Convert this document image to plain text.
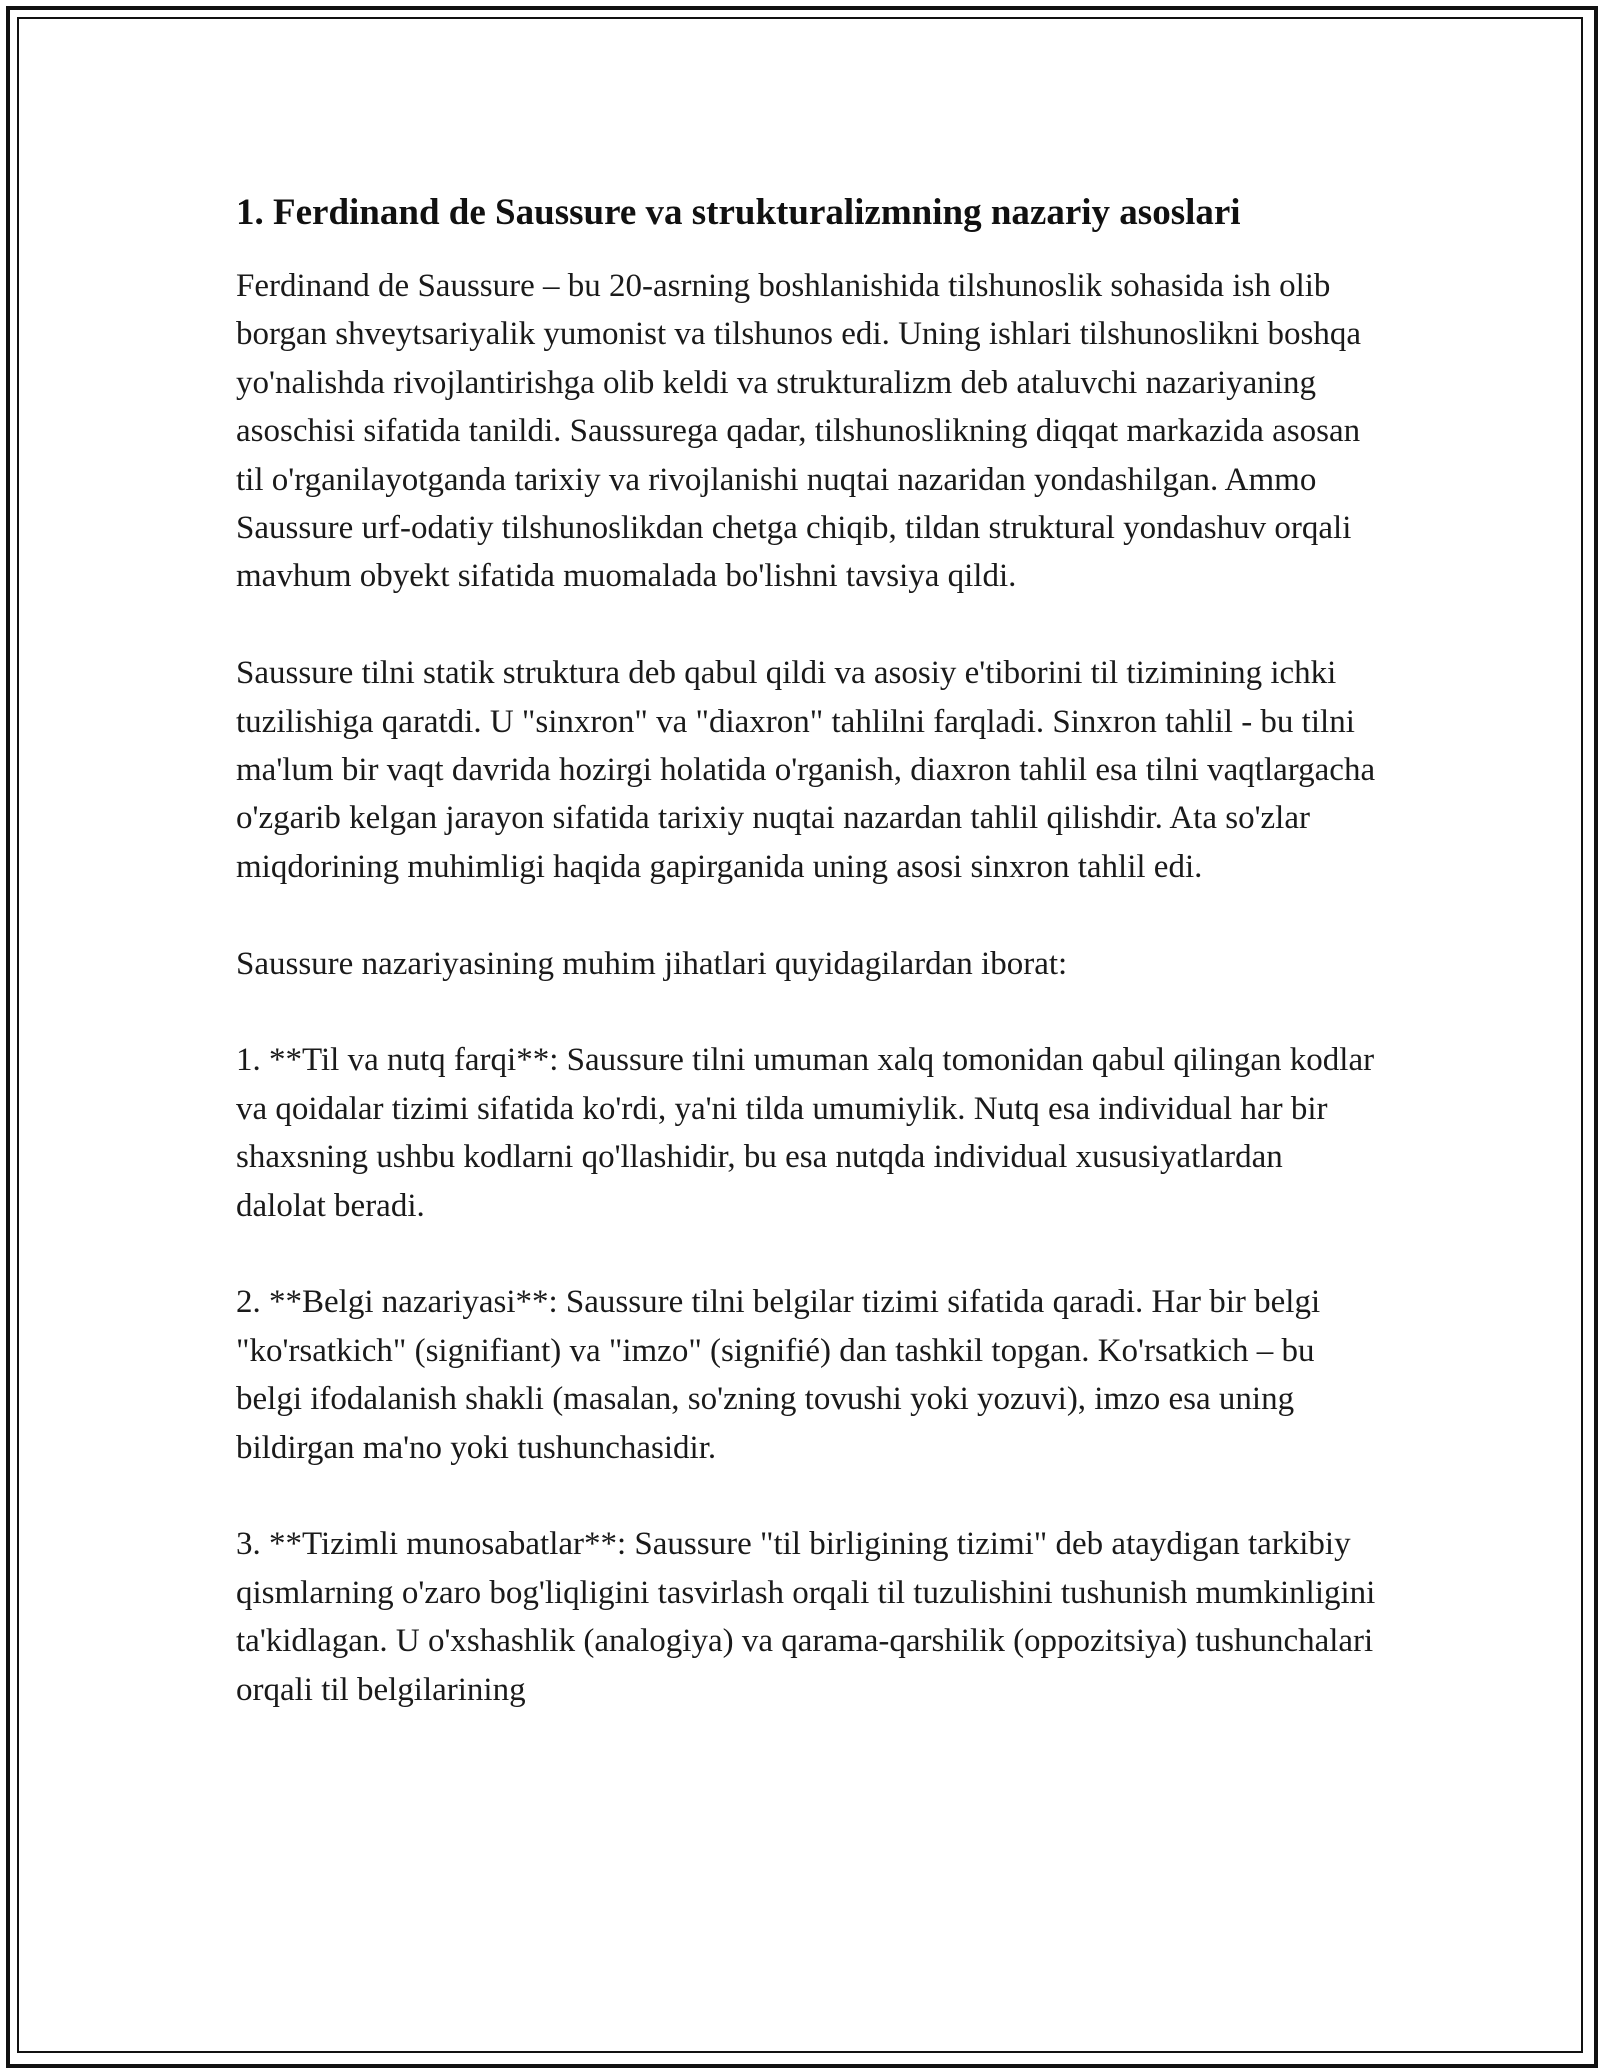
1. Ferdinand de Saussure va strukturalizmning nazariy asoslari

Ferdinand de Saussure – bu 20-asrning boshlanishida tilshunoslik sohasida ish olib borgan shveytsariyalik yumonist va tilshunos edi. Uning ishlari tilshunoslikni boshqa yo'nalishda rivojlantirishga olib keldi va strukturalizm deb ataluvchi nazariyaning asoschisi sifatida tanildi. Saussurega qadar, tilshunoslikning diqqat markazida asosan til o'rganilayotganda tarixiy va rivojlanishi nuqtai nazaridan yondashilgan. Ammo Saussure urf-odatiy tilshunoslikdan chetga chiqib, tildan struktural yondashuv orqali mavhum obyekt sifatida muomalada bo'lishni tavsiya qildi.

Saussure tilni statik struktura deb qabul qildi va asosiy e'tiborini til tizimining ichki tuzilishiga qaratdi. U "sinxron" va "diaxron" tahlilni farqladi. Sinxron tahlil - bu tilni ma'lum bir vaqt davrida hozirgi holatida o'rganish, diaxron tahlil esa tilni vaqtlargacha o'zgarib kelgan jarayon sifatida tarixiy nuqtai nazardan tahlil qilishdir. Ata so'zlar miqdorining muhimligi haqida gapirganida uning asosi sinxron tahlil edi.

Saussure nazariyasining muhim jihatlari quyidagilardan iborat:

1. **Til va nutq farqi**: Saussure tilni umuman xalq tomonidan qabul qilingan kodlar va qoidalar tizimi sifatida ko'rdi, ya'ni tilda umumiylik. Nutq esa individual har bir shaxsning ushbu kodlarni qo'llashidir, bu esa nutqda individual xususiyatlardan dalolat beradi.

2. **Belgi nazariyasi**: Saussure tilni belgilar tizimi sifatida qaradi. Har bir belgi "ko'rsatkich" (signifiant) va "imzo" (signifié) dan tashkil topgan. Ko'rsatkich – bu belgi ifodalanish shakli (masalan, so'zning tovushi yoki yozuvi), imzo esa uning bildirgan ma'no yoki tushunchasidir.

3. **Tizimli munosabatlar**: Saussure "til birligining tizimi" deb ataydigan tarkibiy qismlarning o'zaro bog'liqligini tasvirlash orqali til tuzulishini tushunish mumkinligini ta'kidlagan. U o'xshashlik (analogiya) va qarama-qarshilik (oppozitsiya) tushunchalari orqali til belgilarining
